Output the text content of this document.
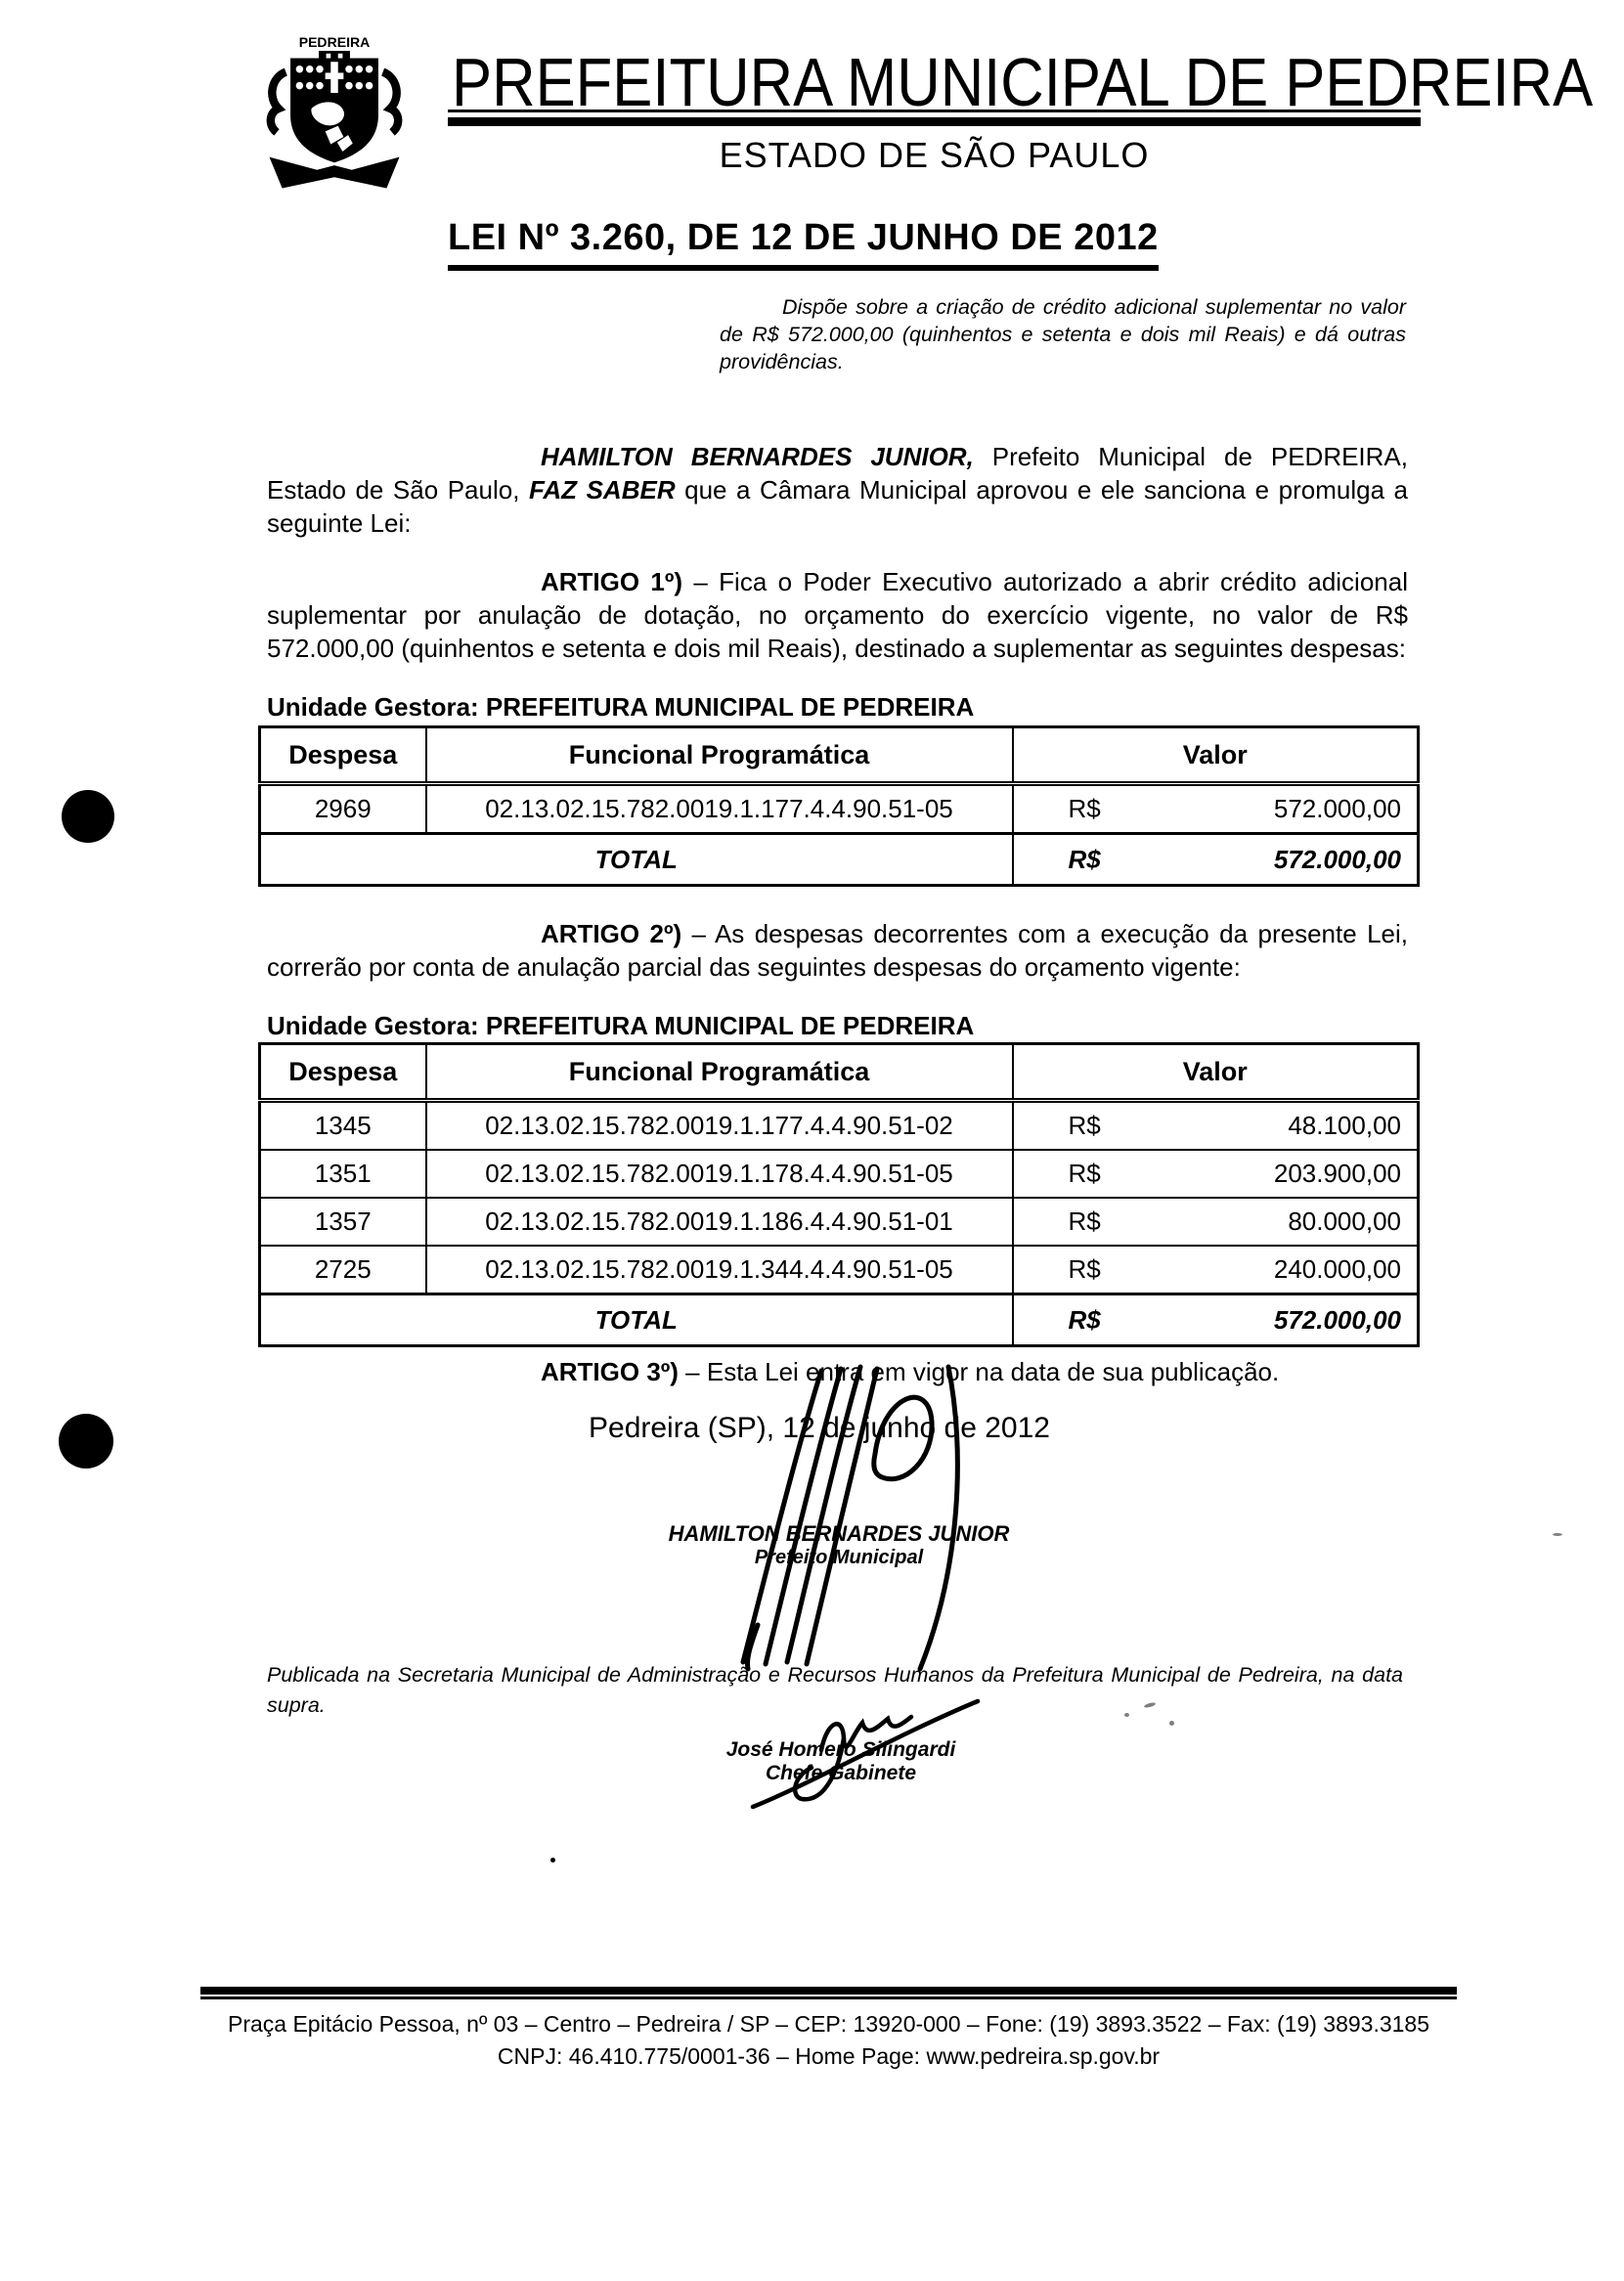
PEDREIRA
PREFEITURA MUNICIPAL DE PEDREIRA
ESTADO DE SÃO PAULO
LEI Nº 3.260, DE 12 DE JUNHO DE 2012
Dispõe sobre a criação de crédito adicional suplementar no valor de R$ 572.000,00 (quinhentos e setenta e dois mil Reais) e dá outras providências.

HAMILTON BERNARDES JUNIOR, Prefeito Municipal de PEDREIRA, Estado de São Paulo, FAZ SABER que a Câmara Municipal aprovou e ele sanciona e promulga a seguinte Lei:

ARTIGO 1º) – Fica o Poder Executivo autorizado a abrir crédito adicional suplementar por anulação de dotação, no orçamento do exercício vigente, no valor de R$ 572.000,00 (quinhentos e setenta e dois mil Reais), destinado a suplementar as seguintes despesas:

Unidade Gestora: PREFEITURA MUNICIPAL DE PEDREIRA
Despesa	Funcional Programática	Valor
2969	02.13.02.15.782.0019.1.177.4.4.90.51-05	R$ 572.000,00
TOTAL		R$ 572.000,00

ARTIGO 2º) – As despesas decorrentes com a execução da presente Lei, correrão por conta de anulação parcial das seguintes despesas do orçamento vigente:

Unidade Gestora: PREFEITURA MUNICIPAL DE PEDREIRA
Despesa	Funcional Programática	Valor
1345	02.13.02.15.782.0019.1.177.4.4.90.51-02	R$ 48.100,00
1351	02.13.02.15.782.0019.1.178.4.4.90.51-05	R$ 203.900,00
1357	02.13.02.15.782.0019.1.186.4.4.90.51-01	R$ 80.000,00
2725	02.13.02.15.782.0019.1.344.4.4.90.51-05	R$ 240.000,00
TOTAL		R$ 572.000,00

ARTIGO 3º) – Esta Lei entra em vigor na data de sua publicação.

Pedreira (SP), 12 de junho de 2012
HAMILTON BERNARDES JUNIOR
Prefeito Municipal

Publicada na Secretaria Municipal de Administração e Recursos Humanos da Prefeitura Municipal de Pedreira, na data supra.

José Homero Silingardi
Chefe Gabinete
Praça Epitácio Pessoa, nº 03 – Centro – Pedreira / SP – CEP: 13920-000 – Fone: (19) 3893.3522 – Fax: (19) 3893.3185
CNPJ: 46.410.775/0001-36 – Home Page: www.pedreira.sp.gov.br
